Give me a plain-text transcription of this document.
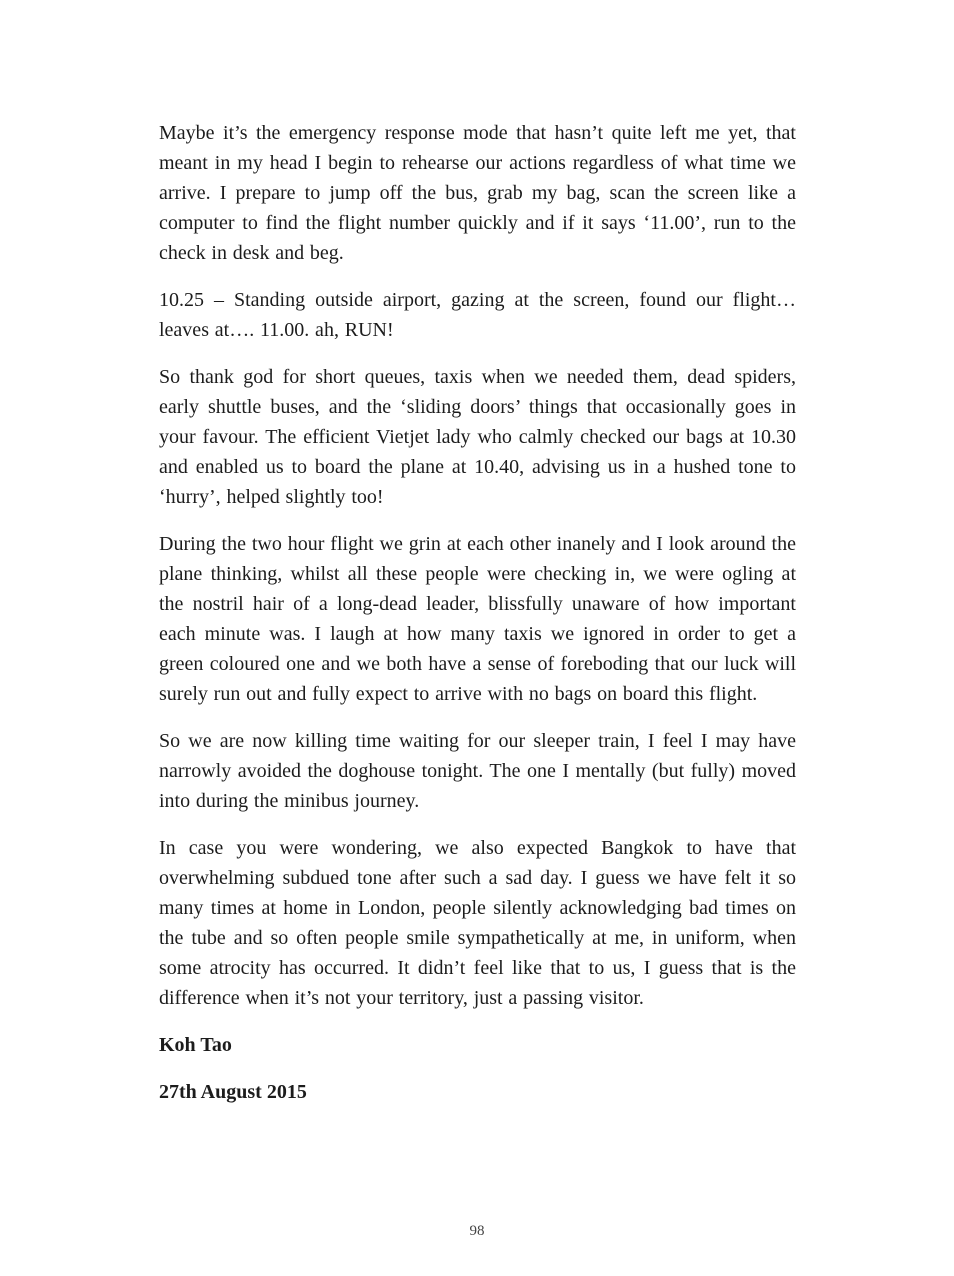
Maybe it’s the emergency response mode that hasn’t quite left me yet, that meant in my head I begin to rehearse our actions regardless of what time we arrive. I prepare to jump off the bus, grab my bag, scan the screen like a computer to find the flight number quickly and if it says ‘11.00’, run to the check in desk and beg.

10.25 – Standing outside airport, gazing at the screen, found our flight… leaves at…. 11.00. ah, RUN!

So thank god for short queues, taxis when we needed them, dead spiders, early shuttle buses, and the ‘sliding doors’ things that occasionally goes in your favour. The efficient Vietjet lady who calmly checked our bags at 10.30 and enabled us to board the plane at 10.40, advising us in a hushed tone to ‘hurry’, helped slightly too!

During the two hour flight we grin at each other inanely and I look around the plane thinking, whilst all these people were checking in, we were ogling at the nostril hair of a long-dead leader, blissfully unaware of how important each minute was. I laugh at how many taxis we ignored in order to get a green coloured one and we both have a sense of foreboding that our luck will surely run out and fully expect to arrive with no bags on board this flight.

So we are now killing time waiting for our sleeper train, I feel I may have narrowly avoided the doghouse tonight. The one I mentally (but fully) moved into during the minibus journey.

In case you were wondering, we also expected Bangkok to have that overwhelming subdued tone after such a sad day. I guess we have felt it so many times at home in London, people silently acknowledging bad times on the tube and so often people smile sympathetically at me, in uniform, when some atrocity has occurred. It didn’t feel like that to us, I guess that is the difference when it’s not your territory, just a passing visitor.

Koh Tao

27th August 2015

98
